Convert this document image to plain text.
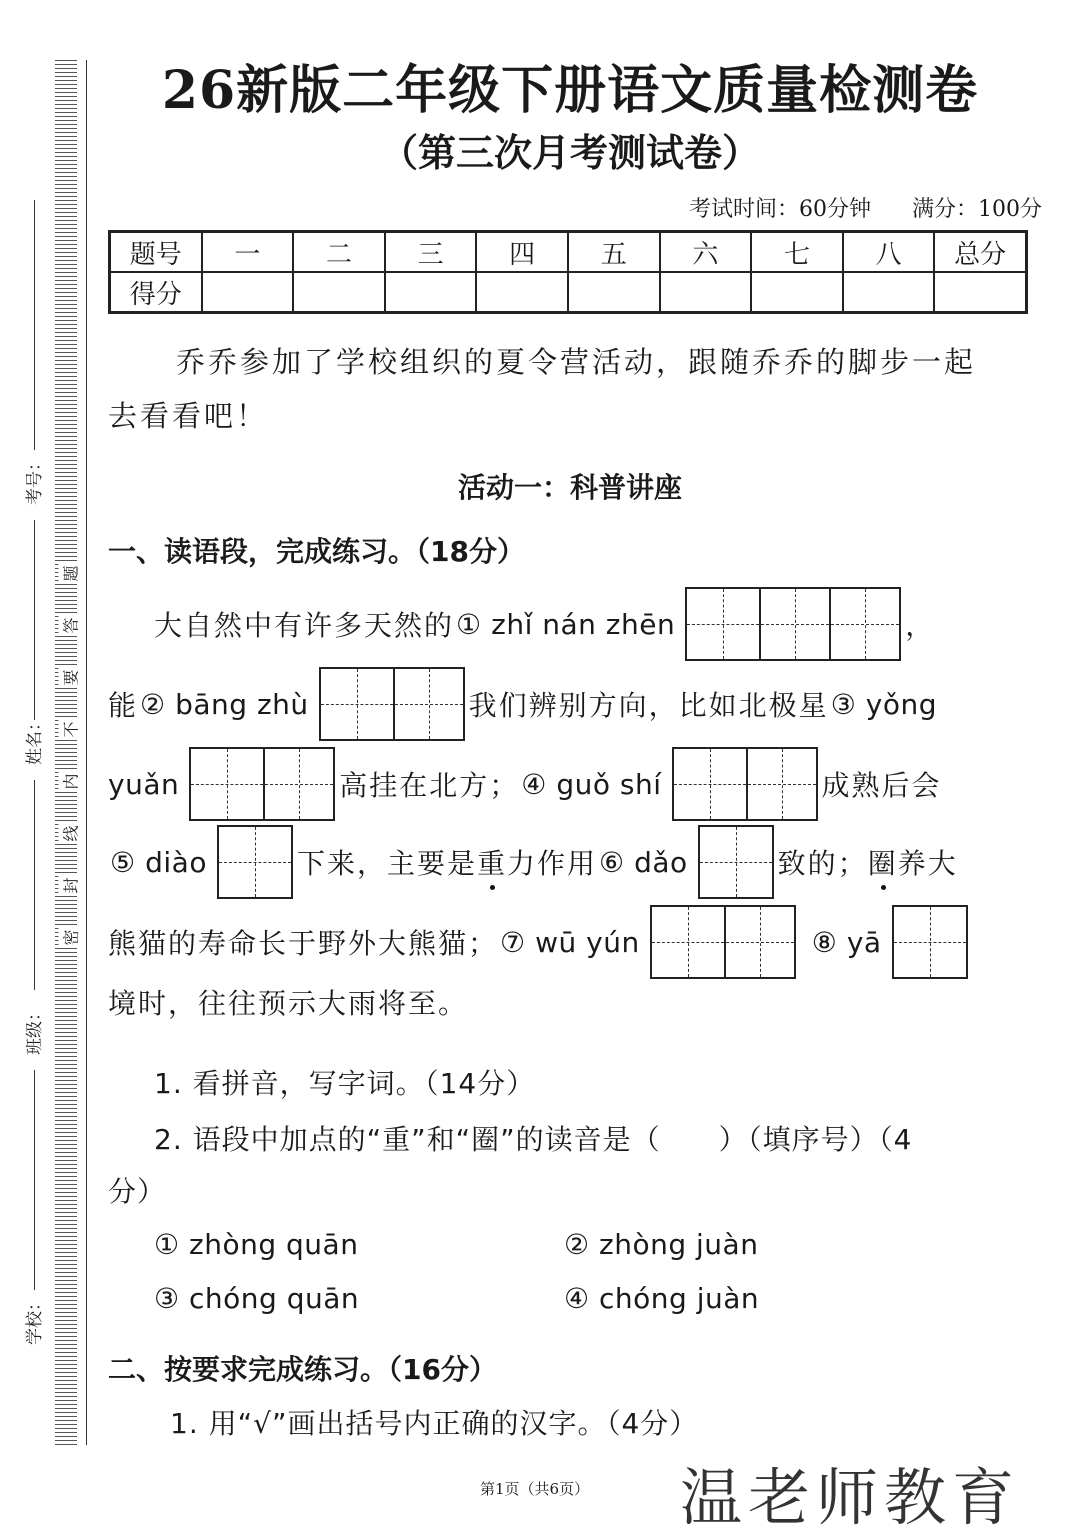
考号：
姓名：
班级：
学校：
题
答
要
不
内
线
封
密
26新版二年级下册语文质量检测卷
（第三次月考测试卷）
考试时间：60分钟 满分：100分
题号	一	二	三	四	五	六	七	八	总分
得分									
乔乔参加了学校组织的夏令营活动，跟随乔乔的脚步一起
去看看吧！
活动一：科普讲座
一、读语段，完成练习。（18分）
大自然中有许多天然的 ① zhǐ nán zhēn	，
能 ② bāng zhù	我们辨别方向，比如北极星 ③ yǒng
yuǎn	高挂在北方； ④ guǒ shí	成熟后会
⑤ diào	下来，主要是 重 力作用 ⑥ dǎo	致的； 圈 养大
熊猫的寿命长于野外大熊猫； ⑦ wū yún	⑧ yā
境时，往往预示大雨将至。
1. 看拼音，写字词。（14分）
2. 语段中加点的“重”和“圈”的读音是（　　）（填序号）（4
分）
① zhòng quān	② zhòng juàn
③ chóng quān	④ chóng juàn
二、按要求完成练习。（16分）
1. 用“√”画出括号内正确的汉字。（4分）
第1页（共6页） 温老师教育
